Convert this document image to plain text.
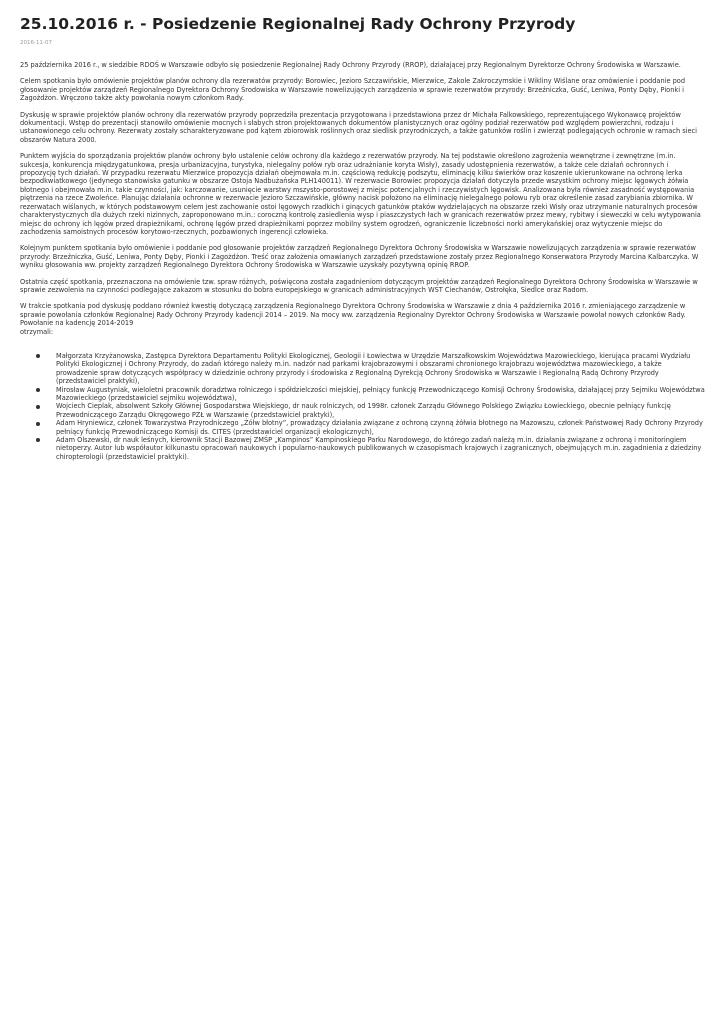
25.10.2016 r. - Posiedzenie Regionalnej Rady Ochrony Przyrody
2016-11-07

25 października 2016 r., w siedzibie RDOŚ w Warszawie odbyło się posiedzenie Regionalnej Rady Ochrony Przyrody (RROP), działającej przy Regionalnym Dyrektorze Ochrony Środowiska w Warszawie.

Celem spotkania było omówienie projektów planów ochrony dla rezerwatów przyrody: Borowiec, Jezioro Szczawińskie, Mierzwice, Zakole Zakroczymskie i Wikliny Wiślane oraz omówienie i poddanie pod głosowanie projektów zarządzeń Regionalnego Dyrektora Ochrony Środowiska w Warszawie nowelizujących zarządzenia w sprawie rezerwatów przyrody: Brzeźniczka, Guść, Leniwa, Ponty Dęby, Pionki i Zagożdżon. Wręczono także akty powołania nowym członkom Rady.

Dyskusję w sprawie projektów planów ochrony dla rezerwatów przyrody poprzedziła prezentacja przygotowana i przedstawiona przez dr Michała Falkowskiego, reprezentującego Wykonawcę projektów dokumentacji. Wstęp do prezentacji stanowiło omówienie mocnych i słabych stron projektowanych dokumentów planistycznych oraz ogólny podział rezerwatów pod względem powierzchni, rodzaju i ustanowionego celu ochrony. Rezerwaty zostały scharakteryzowane pod kątem zbiorowisk roślinnych oraz siedlisk przyrodniczych, a także gatunków roślin i zwierząt podlegających ochronie w ramach sieci obszarów Natura 2000.

Punktem wyjścia do sporządzania projektów planów ochrony było ustalenie celów ochrony dla każdego z rezerwatów przyrody. Na tej podstawie określono zagrożenia wewnętrzne i zewnętrzne (m.in. sukcesja, konkurencja międzygatunkowa, presja urbanizacyjna, turystyka, nielegalny połów ryb oraz udrażnianie koryta Wisły), zasady udostępnienia rezerwatów, a także cele działań ochronnych i propozycję tych działań. W przypadku rezerwatu Mierzwice propozycja działań obejmowała m.in. częściową redukcję podszytu, eliminację kilku świerków oraz koszenie ukierunkowane na ochronę lerka bezpodkwiatkowego (jedynego stanowiska gatunku w obszarze Ostoja Nadbużańska PLH140011). W rezerwacie Borowiec propozycja działań dotyczyła przede wszystkim ochrony miejsc lęgowych żółwia błotnego i obejmowała m.in. takie czynności, jak: karczowanie, usunięcie warstwy mszysto-porostowej z miejsc potencjalnych i rzeczywistych lęgowisk. Analizowana była również zasadność występowania piętrzenia na rzece Zwoleńce. Planując działania ochronne w rezerwacie Jezioro Szczawińskie, główny nacisk położono na eliminację nielegalnego połowu ryb oraz określenie zasad zarybiania zbiornika. W rezerwatach wiślanych, w których podstawowym celem jest zachowanie ostoi lęgowych rzadkich i ginących gatunków ptaków wydzielających na obszarze rzeki Wisły oraz utrzymanie naturalnych procesów charakterystycznych dla dużych rzeki nizinnych, zaproponowano m.in.: coroczną kontrolę zasiedlenia wysp i piaszczystych łach w granicach rezerwatów przez mewy, rybitwy i sieweczki w celu wytypowania miejsc do ochrony ich lęgów przed drapieżnikami, ochronę lęgów przed drapieżnikami poprzez mobilny system ogrodzeń, ograniczenie liczebności norki amerykańskiej oraz wytyczenie miejsc do zachodzenia samoistnych procesów korytowo-rzecznych, pozbawionych ingerencji człowieka.

Kolejnym punktem spotkania było omówienie i poddanie pod głosowanie projektów zarządzeń Regionalnego Dyrektora Ochrony Środowiska w Warszawie nowelizujących zarządzenia w sprawie rezerwatów przyrody: Brzeźniczka, Guść, Leniwa, Ponty Dęby, Pionki i Zagożdżon. Treść oraz założenia omawianych zarządzeń przedstawione zostały przez Regionalnego Konserwatora Przyrody Marcina Kalbarczyka. W wyniku głosowania ww. projekty zarządzeń Regionalnego Dyrektora Ochrony Środowiska w Warszawie uzyskały pozytywną opinię RROP.

Ostatnia część spotkania, przeznaczona na omówienie tzw. spraw różnych, poświęcona została zagadnieniom dotyczącym projektów zarządzeń Regionalnego Dyrektora Ochrony Środowiska w Warszawie w sprawie zezwolenia na czynności podlegające zakazom w stosunku do bobra europejskiego w granicach administracyjnych WST Ciechanów, Ostrołęka, Siedlce oraz Radom.

W trakcie spotkania pod dyskusję poddano również kwestię dotyczącą zarządzenia Regionalnego Dyrektora Ochrony Środowiska w Warszawie z dnia 4 października 2016 r. zmieniającego zarządzenie w sprawie powołania członków Regionalnej Rady Ochrony Przyrody kadencji 2014 – 2019. Na mocy ww. zarządzenia Regionalny Dyrektor Ochrony Środowiska w Warszawie powołał nowych członków Rady. Powołanie na kadencję 2014-2019
otrzymali:

Małgorzata Krzyżanowska, Zastępca Dyrektora Departamentu Polityki Ekologicznej, Geologii i Łowiectwa w Urzędzie Marszałkowskim Województwa Mazowieckiego, kierująca pracami Wydziału Polityki Ekologicznej i Ochrony Przyrody, do zadań którego należy m.in. nadzór nad parkami krajobrazowymi i obszarami chronionego krajobrazu województwa mazowieckiego, a także prowadzenie spraw dotyczących współpracy w dziedzinie ochrony przyrody i środowiska z Regionalną Dyrekcją Ochrony Środowiska w Warszawie i Regionalną Radą Ochrony Przyrody (przedstawiciel praktyki),
Mirosław Augustyniak, wieloletni pracownik doradztwa rolniczego i spółdzielczości miejskiej, pełniący funkcję Przewodniczącego Komisji Ochrony Środowiska, działającej przy Sejmiku Województwa Mazowieckiego (przedstawiciel sejmiku województwa),
Wojciech Cieplak, absolwent Szkoły Głównej Gospodarstwa Wiejskiego, dr nauk rolniczych, od 1998r. członek Zarządu Głównego Polskiego Związku Łowieckiego, obecnie pełniący funkcję Przewodniczącego Zarządu Okręgowego PZŁ w Warszawie (przedstawiciel praktyki),
Adam Hryniewicz, członek Towarzystwa Przyrodniczego „Żółw błotny”, prowadzący działania związane z ochroną czynną żółwia błotnego na Mazowszu, członek Państwowej Rady Ochrony Przyrody pełniący funkcję Przewodniczącego Komisji ds. CITES (przedstawiciel organizacji ekologicznych),
Adam Olszewski, dr nauk leśnych, kierownik Stacji Bazowej ZMŚP „Kampinos” Kampinoskiego Parku Narodowego, do którego zadań należą m.in. działania związane z ochroną i monitoringiem nietoperzy. Autor lub współautor kilkunastu opracowań naukowych i popularno-naukowych publikowanych w czasopismach krajowych i zagranicznych, obejmujących m.in. zagadnienia z dziedziny chiropterologii (przedstawiciel praktyki).
